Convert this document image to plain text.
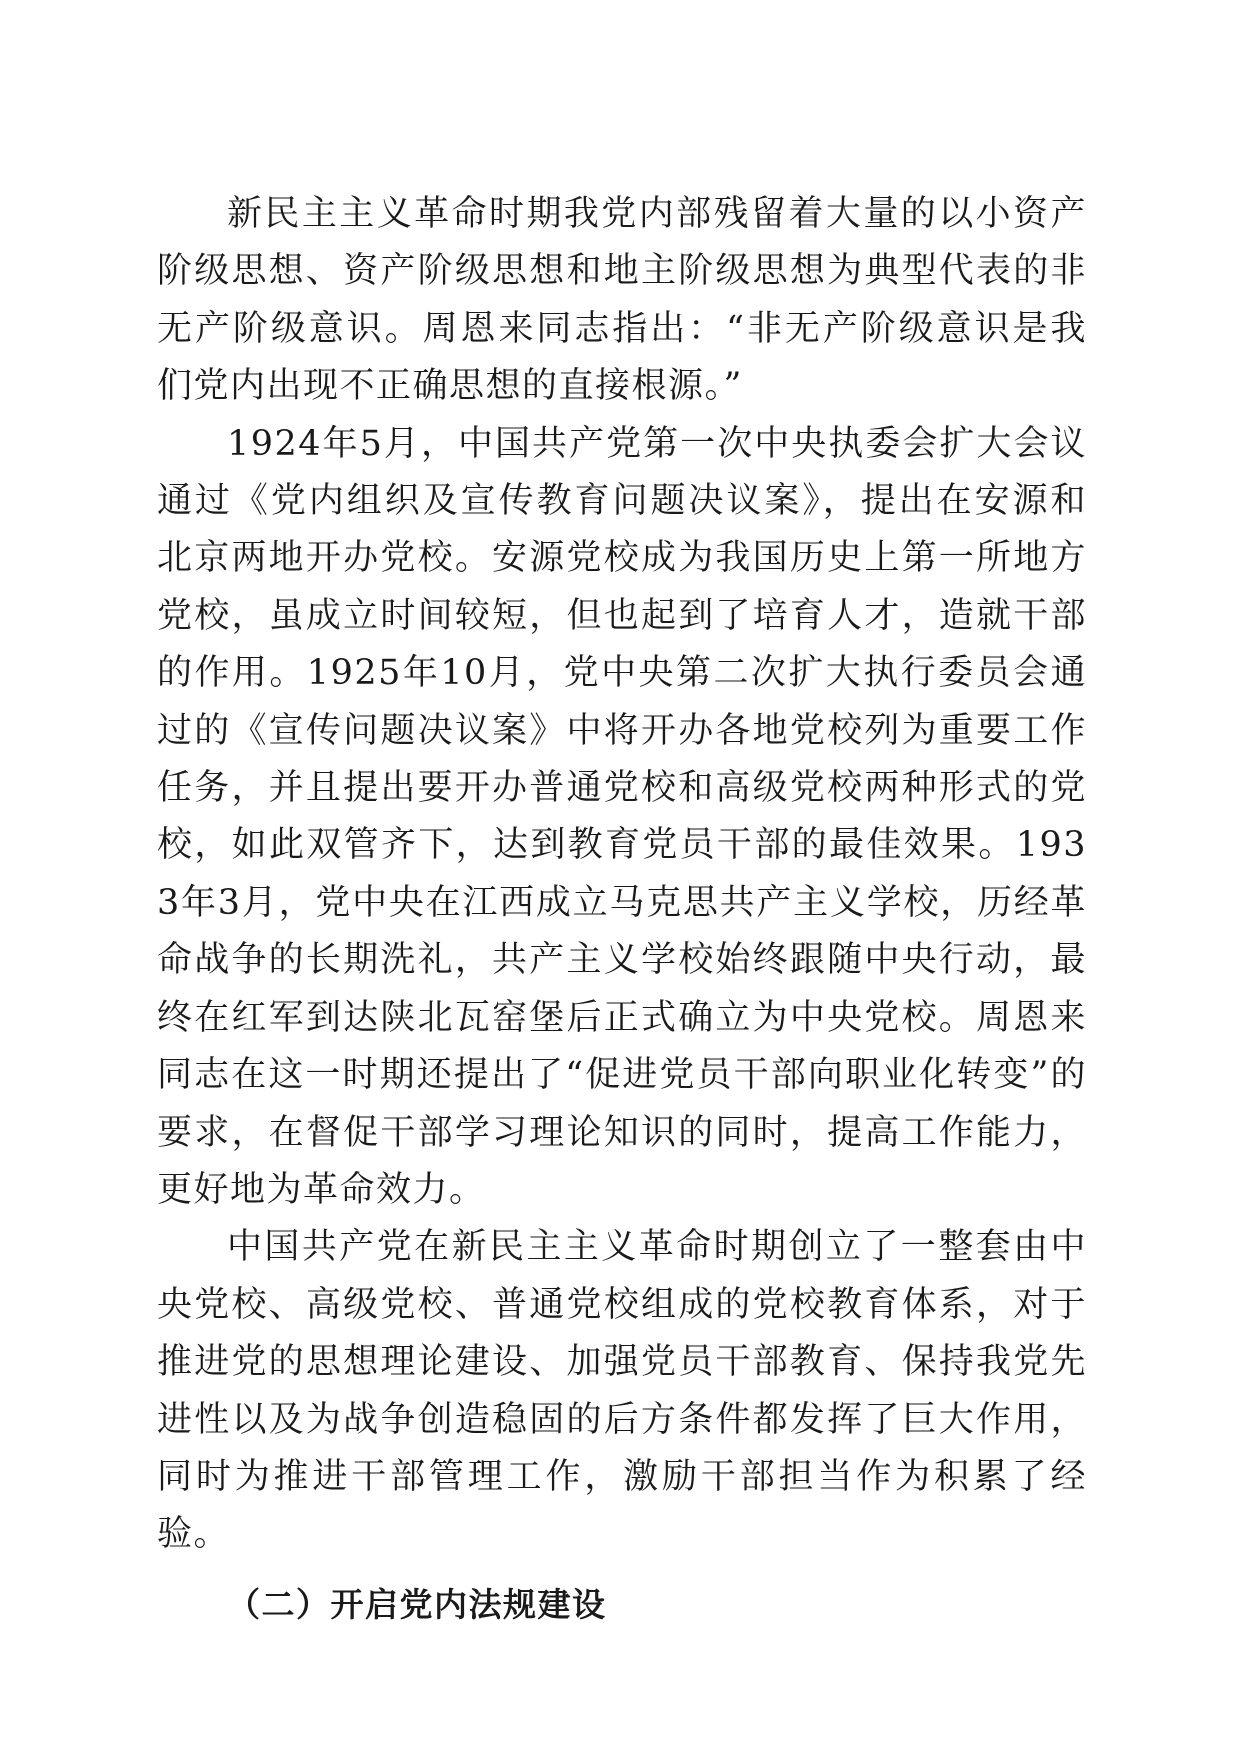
新民主主义革命时期我党内部残留着大量的以小资产阶级思想、资产阶级思想和地主阶级思想为典型代表的非无产阶级意识。周恩来同志指出：“非无产阶级意识是我们党内出现不正确思想的直接根源。”

1924年5月，中国共产党第一次中央执委会扩大会议通过《党内组织及宣传教育问题决议案》，提出在安源和北京两地开办党校。安源党校成为我国历史上第一所地方党校，虽成立时间较短，但也起到了培育人才，造就干部的作用。1925年10月，党中央第二次扩大执行委员会通过的《宣传问题决议案》中将开办各地党校列为重要工作任务，并且提出要开办普通党校和高级党校两种形式的党校，如此双管齐下，达到教育党员干部的最佳效果。1933年3月，党中央在江西成立马克思共产主义学校，历经革命战争的长期洗礼，共产主义学校始终跟随中央行动，最终在红军到达陕北瓦窑堡后正式确立为中央党校。周恩来同志在这一时期还提出了“促进党员干部向职业化转变”的要求，在督促干部学习理论知识的同时，提高工作能力，更好地为革命效力。

中国共产党在新民主主义革命时期创立了一整套由中央党校、高级党校、普通党校组成的党校教育体系，对于推进党的思想理论建设、加强党员干部教育、保持我党先进性以及为战争创造稳固的后方条件都发挥了巨大作用，同时为推进干部管理工作，激励干部担当作为积累了经验。

（二）开启党内法规建设
